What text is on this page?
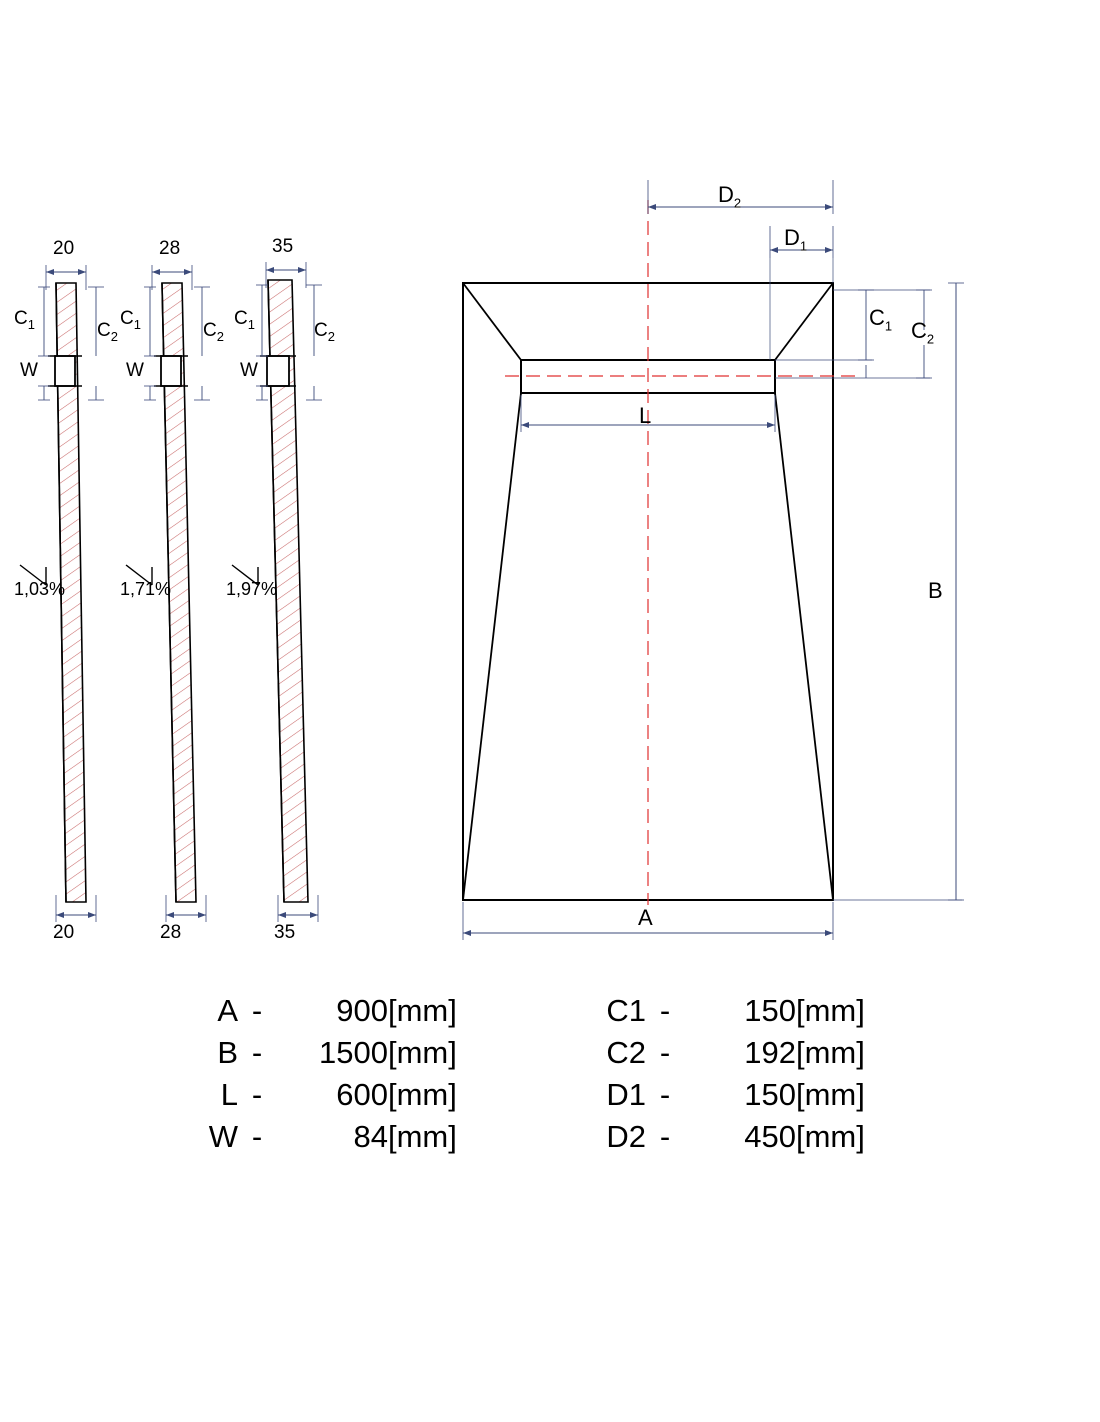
20
20
$C_1$	$C_2$
W
1,03%
28
28
$C_1$	$C_2$
W
1,71%
35
35
$C_1$	$C_2$
W
1,97%
$D_2$
$D_1$
$C_1$ $C_2$
L
A
B
A	-	900	[mm]		C1	-	150	[mm]
B	-	1500	[mm]		C2	-	192	[mm]
L	-	600	[mm]		D1	-	150	[mm]
W	-	84	[mm]		D2	-	450	[mm]
